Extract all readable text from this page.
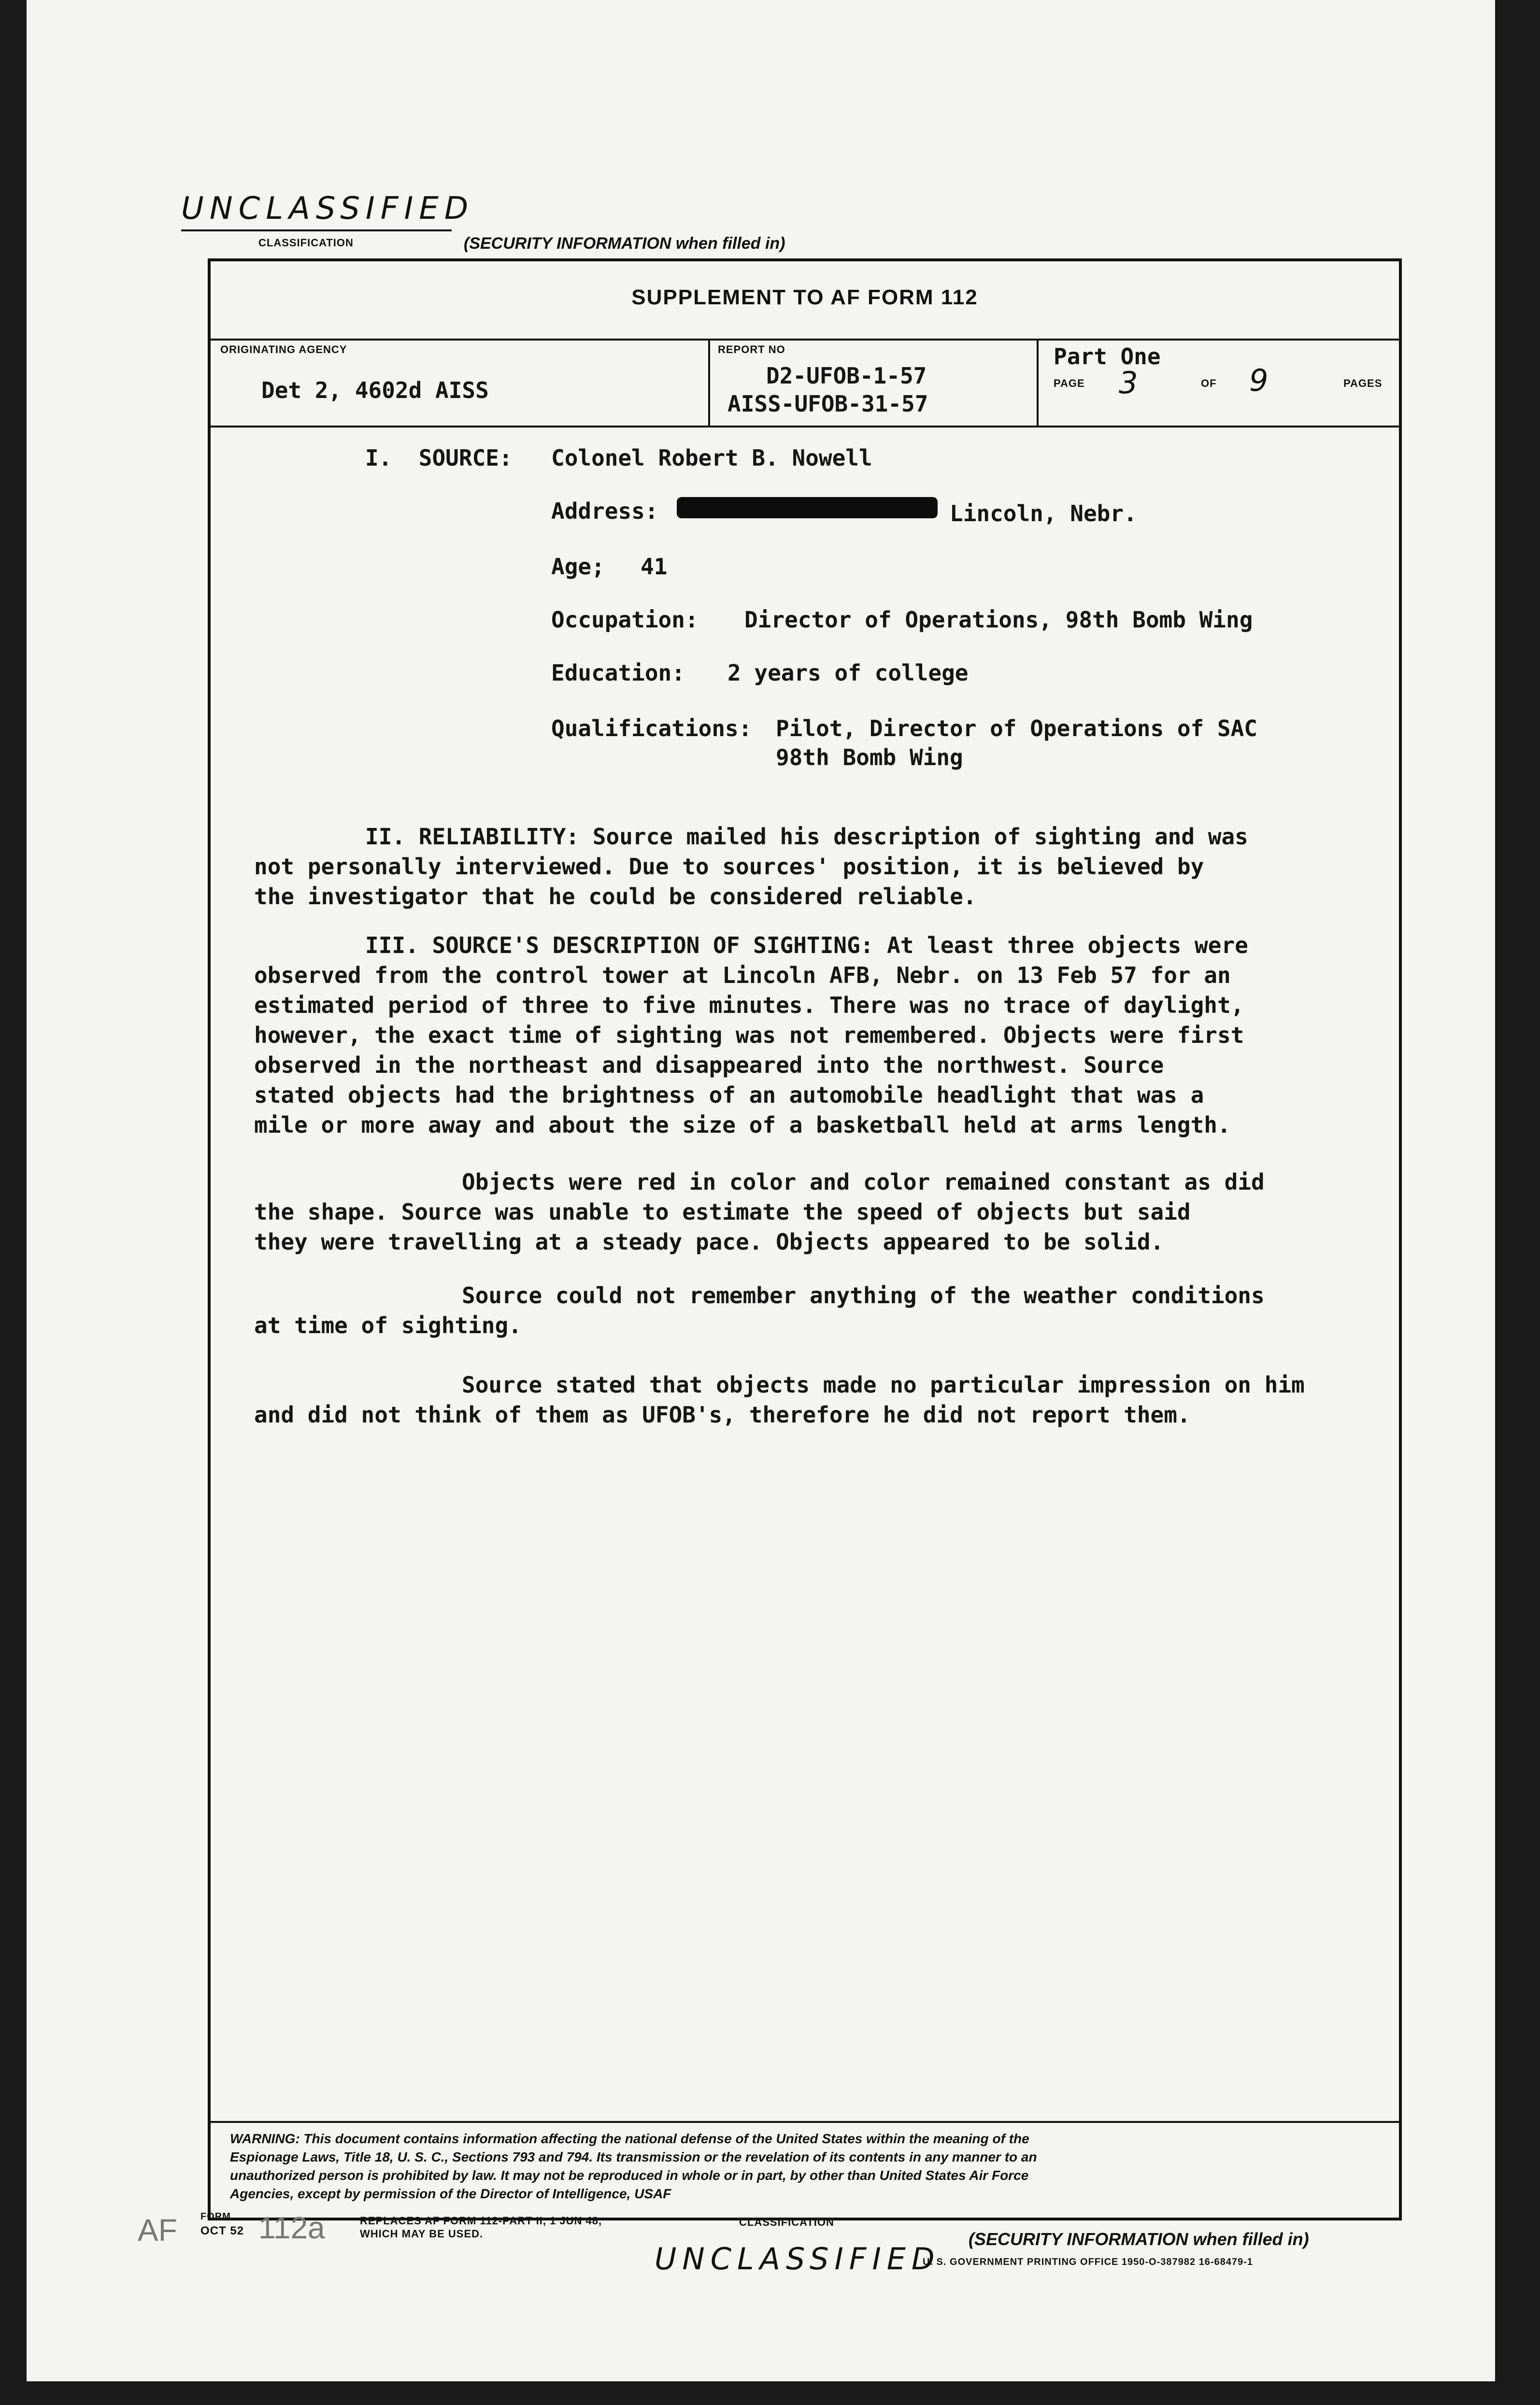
UNCLASSIFIED
CLASSIFICATION	(SECURITY INFORMATION when filled in)
SUPPLEMENT TO AF FORM 112
ORIGINATING AGENCY
Det 2, 4602d AISS
REPORT NO
D2-UFOB-1-57
AISS-UFOB-31-57
Part One
PAGE 3	OF 9	PAGES
I.  SOURCE: Colonel Robert B. Nowell
Address:	Lincoln, Nebr.
Age; 41
Occupation: Director of Operations, 98th Bomb Wing
Education: 2 years of college
Qualifications: Pilot, Director of Operations of SAC
98th Bomb Wing
II. RELIABILITY: Source mailed his description of sighting and was
not personally interviewed. Due to sources' position, it is believed by
the investigator that he could be considered reliable.
III. SOURCE'S DESCRIPTION OF SIGHTING: At least three objects were
observed from the control tower at Lincoln AFB, Nebr. on 13 Feb 57 for an
estimated period of three to five minutes. There was no trace of daylight,
however, the exact time of sighting was not remembered. Objects were first
observed in the northeast and disappeared into the northwest. Source
stated objects had the brightness of an automobile headlight that was a
mile or more away and about the size of a basketball held at arms length.
Objects were red in color and color remained constant as did
the shape. Source was unable to estimate the speed of objects but said
they were travelling at a steady pace. Objects appeared to be solid.
Source could not remember anything of the weather conditions
at time of sighting.
Source stated that objects made no particular impression on him
and did not think of them as UFOB's, therefore he did not report them.
WARNING: This document contains information affecting the national defense of the United States within the meaning of the
Espionage Laws, Title 18, U. S. C., Sections 793 and 794. Its transmission or the revelation of its contents in any manner to an
unauthorized person is prohibited by law. It may not be reproduced in whole or in part, by other than United States Air Force
Agencies, except by permission of the Director of Intelligence, USAF
AF FORM
OCT 52 112a	REPLACES AF FORM 112-PART II, 1 JUN 48,
WHICH MAY BE USED.
CLASSIFICATION
UNCLASSIFIED
(SECURITY INFORMATION when filled in)
U. S. GOVERNMENT PRINTING OFFICE 1950-O-387982 16-68479-1
